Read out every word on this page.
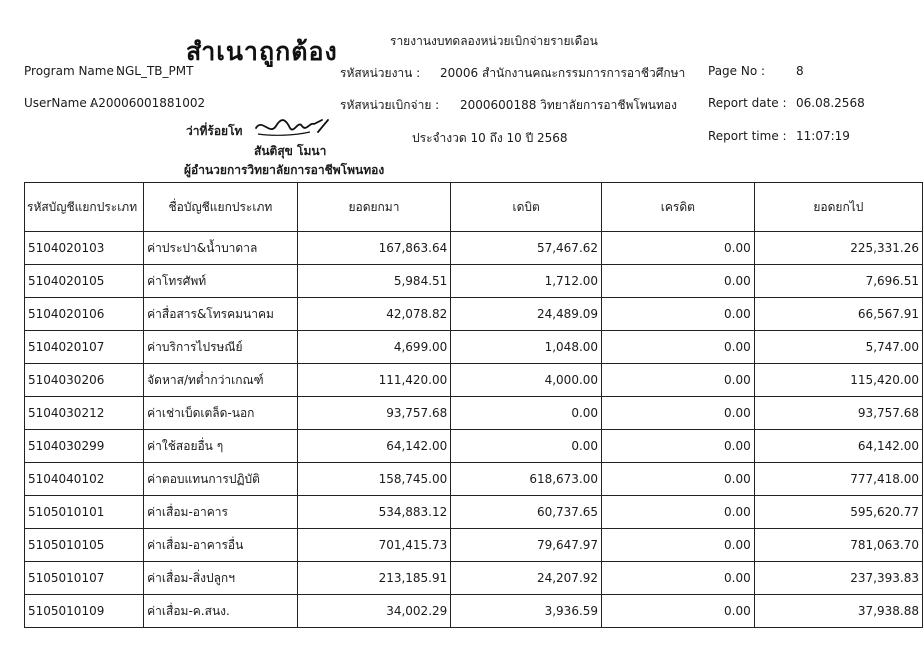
สำเนาถูกต้อง	รายงานงบทดลองหน่วยเบิกจ่ายรายเดือน
Program Name :
NGL_TB_PMT	รหัสหน่วยงาน : 20006 สำนักงานคณะกรรมการการอาชีวศึกษา Page No :	8
UserName :
A20006001881002	รหัสหน่วยเบิกจ่าย : 2000600188 วิทยาลัยการอาชีพโพนทอง	Report date : 06.08.2568
ว่าที่ร้อยโท
สันติสุข โมนา
ผู้อำนวยการวิทยาลัยการอาชีพโพนทอง
ประจำงวด 10 ถึง 10 ปี 2568	Report time : 11:07:19
รหัสบัญชีแยกประเภท	ชื่อบัญชีแยกประเภท	ยอดยกมา	เดบิต	เครดิต	ยอดยกไป
5104020103	ค่าประปา&น้ำบาดาล	167,863.64	57,467.62	0.00	225,331.26
5104020105	ค่าโทรศัพท์	5,984.51	1,712.00	0.00	7,696.51
5104020106	ค่าสื่อสาร&โทรคมนาคม	42,078.82	24,489.09	0.00	66,567.91
5104020107	ค่าบริการไปรษณีย์	4,699.00	1,048.00	0.00	5,747.00
5104030206	จัดหาส/ทต่ำกว่าเกณฑ์	111,420.00	4,000.00	0.00	115,420.00
5104030212	ค่าเช่าเบ็ดเตล็ด-นอก	93,757.68	0.00	0.00	93,757.68
5104030299	ค่าใช้สอยอื่น ๆ	64,142.00	0.00	0.00	64,142.00
5104040102	ค่าตอบแทนการปฏิบัติ	158,745.00	618,673.00	0.00	777,418.00
5105010101	ค่าเสื่อม-อาคาร	534,883.12	60,737.65	0.00	595,620.77
5105010105	ค่าเสื่อม-อาคารอื่น	701,415.73	79,647.97	0.00	781,063.70
5105010107	ค่าเสื่อม-สิ่งปลูกฯ	213,185.91	24,207.92	0.00	237,393.83
5105010109	ค่าเสื่อม-ค.สนง.	34,002.29	3,936.59	0.00	37,938.88
